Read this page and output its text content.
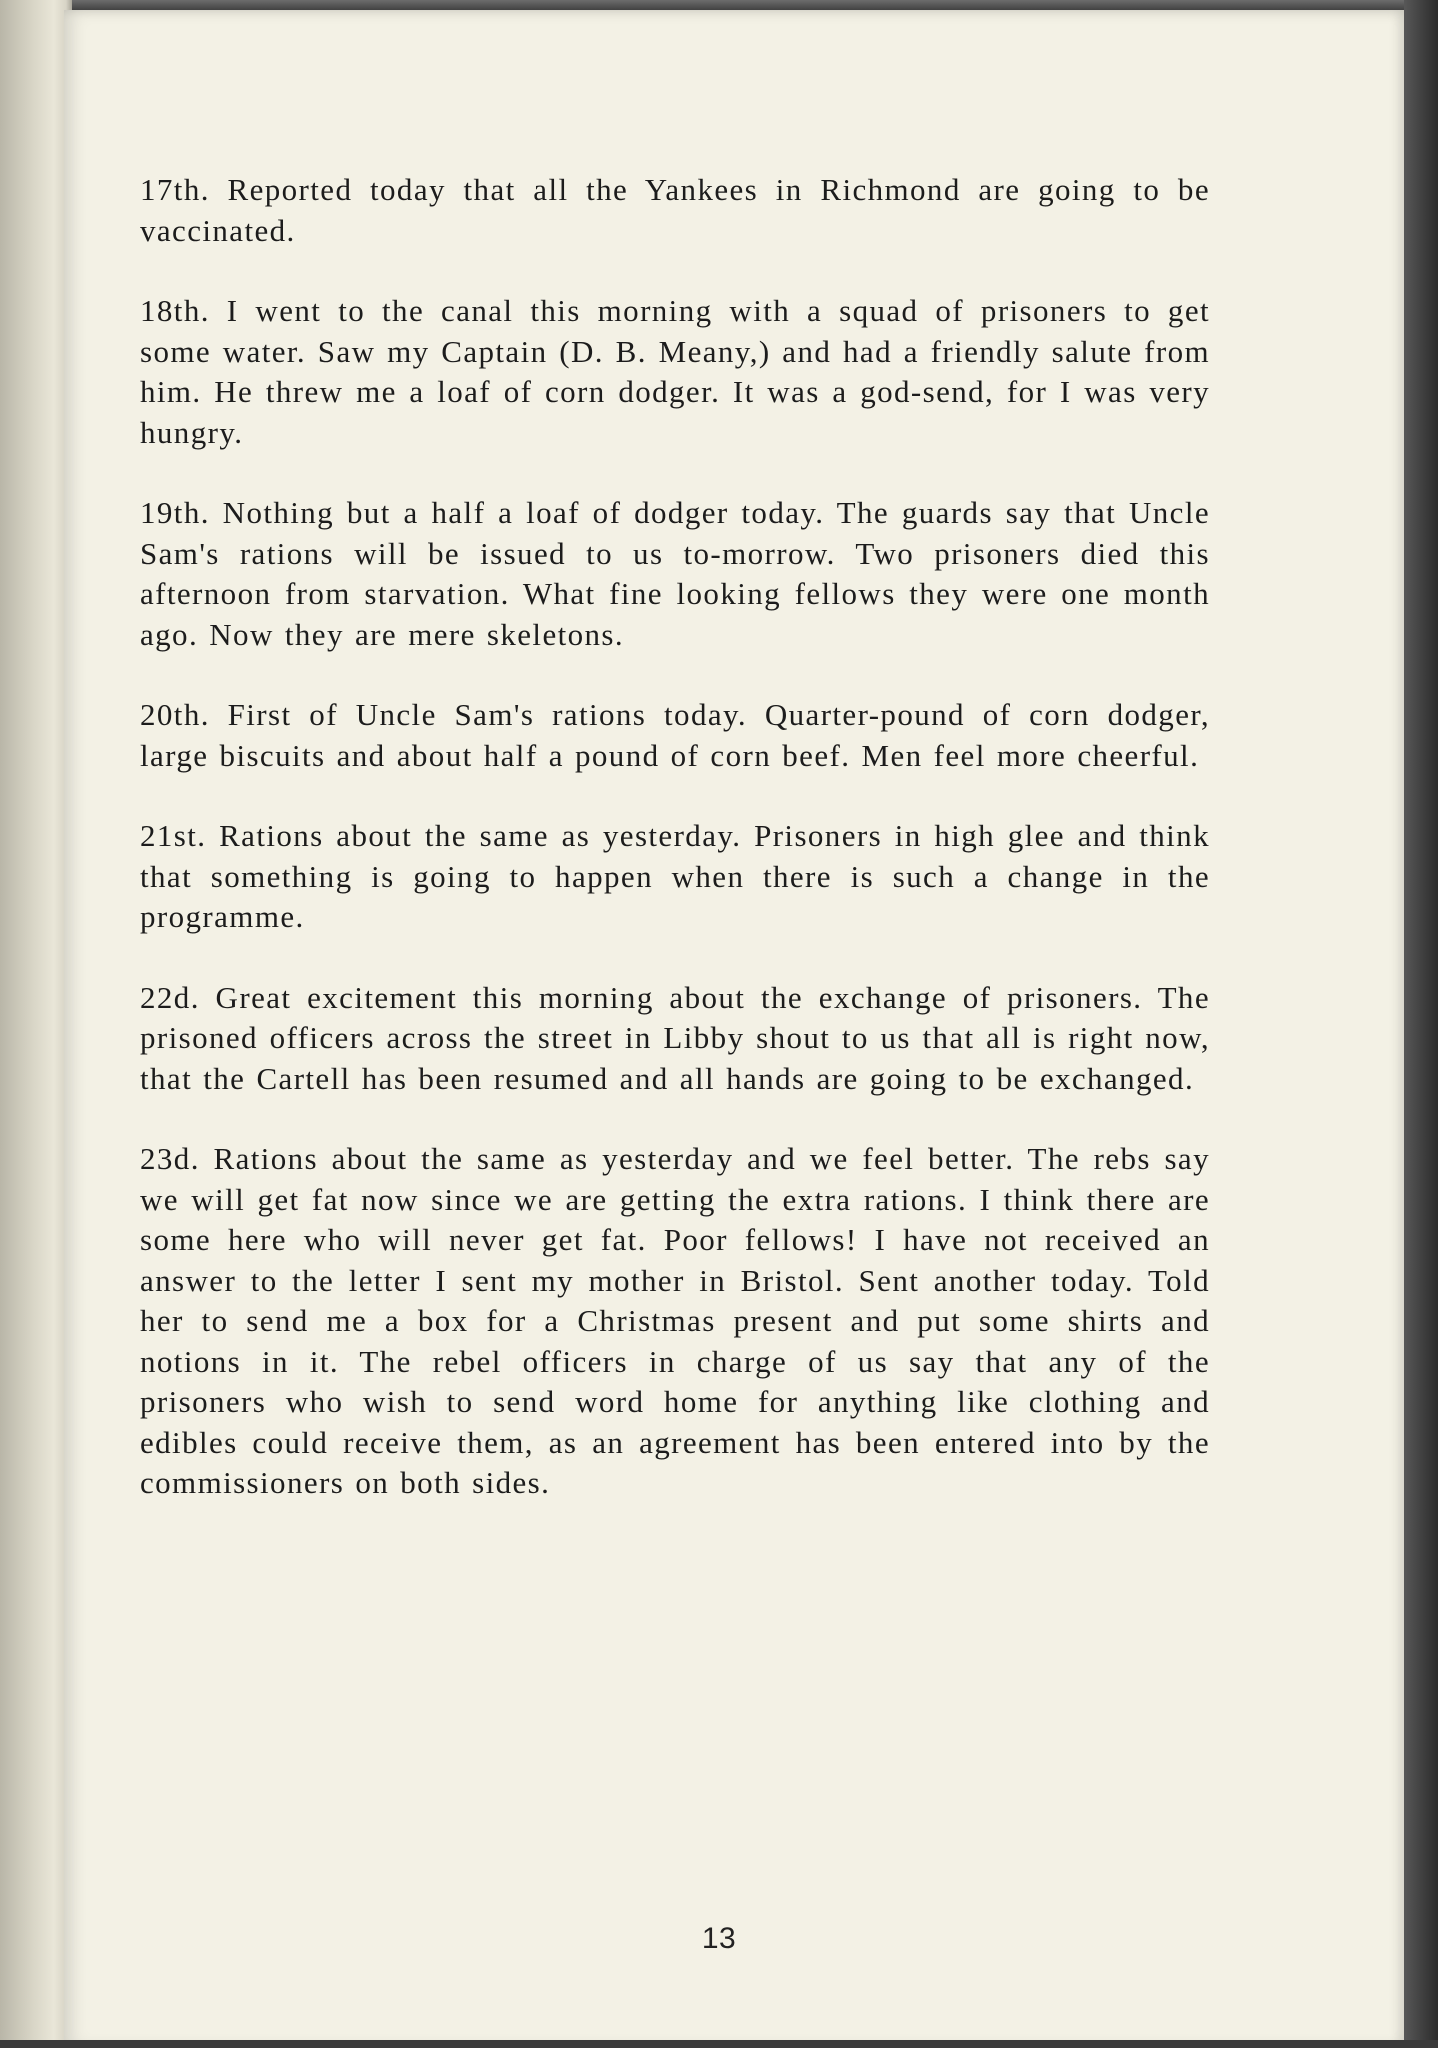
17th. Reported today that all the Yankees in Richmond are going to be vaccinated.

18th. I went to the canal this morning with a squad of prisoners to get some water. Saw my Captain (D. B. Meany,) and had a friendly salute from him. He threw me a loaf of corn dodger. It was a god-send, for I was very hungry.

19th. Nothing but a half a loaf of dodger today. The guards say that Uncle Sam's rations will be issued to us to-morrow. Two prisoners died this afternoon from starvation. What fine looking fellows they were one month ago. Now they are mere skeletons.

20th. First of Uncle Sam's rations today. Quarter-pound of corn dodger, large biscuits and about half a pound of corn beef. Men feel more cheerful.

21st. Rations about the same as yesterday. Prisoners in high glee and think that something is going to happen when there is such a change in the programme.

22d. Great excitement this morning about the exchange of prisoners. The prisoned officers across the street in Libby shout to us that all is right now, that the Cartell has been resumed and all hands are going to be exchanged.

23d. Rations about the same as yesterday and we feel better. The rebs say we will get fat now since we are getting the extra rations. I think there are some here who will never get fat. Poor fellows! I have not received an answer to the letter I sent my mother in Bristol. Sent another today. Told her to send me a box for a Christmas present and put some shirts and notions in it. The rebel officers in charge of us say that any of the prisoners who wish to send word home for anything like clothing and edibles could receive them, as an agreement has been entered into by the commissioners on both sides.

13
